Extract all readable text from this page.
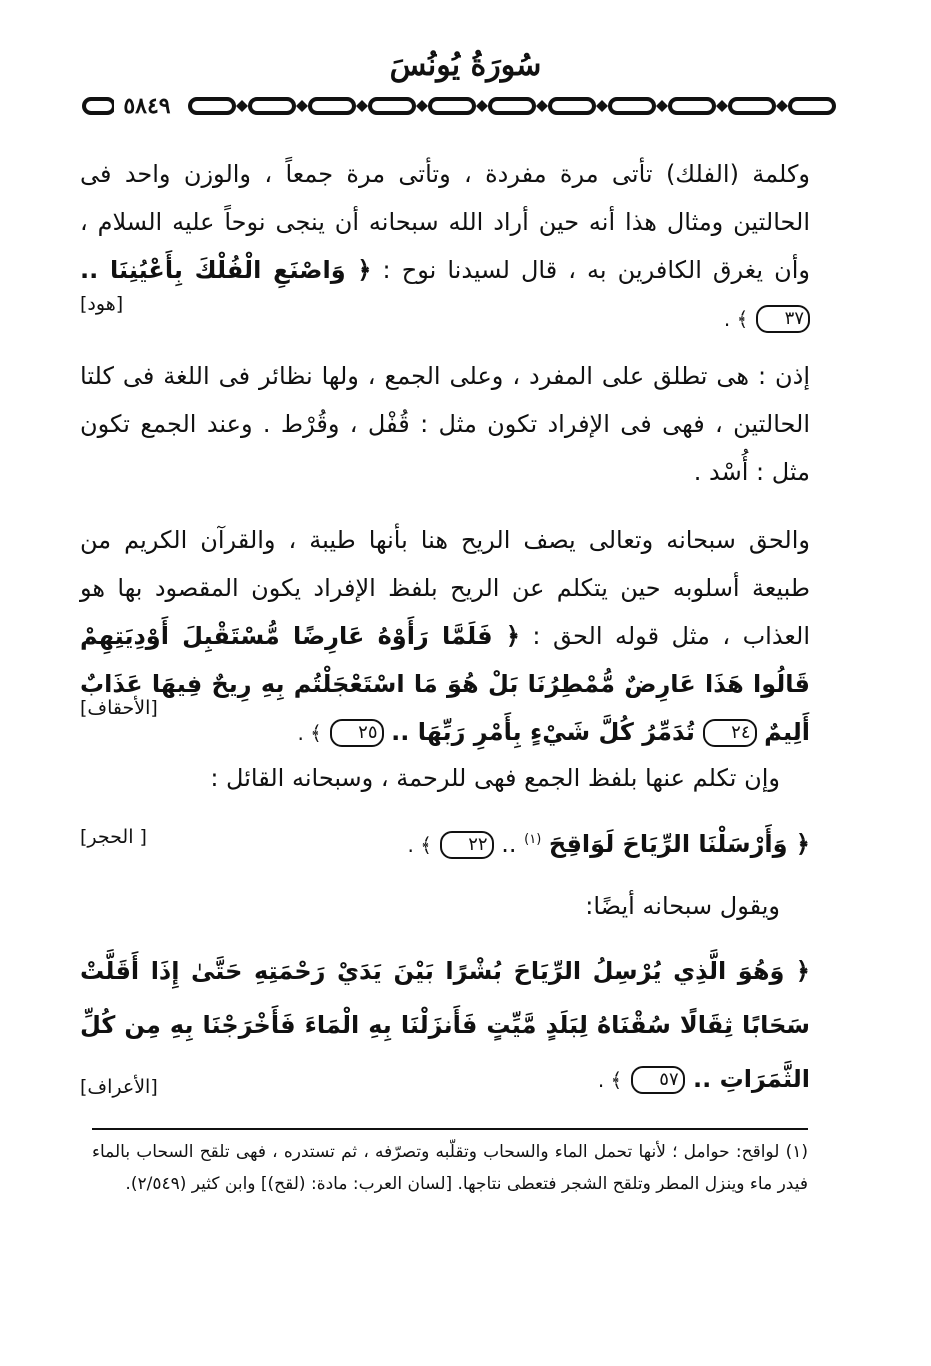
سُورَةُ يُونُسَ
٥٨٤٩

وكلمة (الفلك) تأتى مرة مفردة ، وتأتى مرة جمعاً ، والوزن واحد فى الحالتين ومثال هذا أنه حين أراد الله سبحانه أن ينجى نوحاً عليه السلام ، وأن يغرق الكافرين به ، قال لسيدنا نوح : ﴿ وَاصْنَعِ الْفُلْكَ بِأَعْيُنِنَا .. ٣٧ ﴾ .

[هود]

إذن : هى تطلق على المفرد ، وعلى الجمع ، ولها نظائر فى اللغة فى كلتا الحالتين ، فهى فى الإفراد تكون مثل : قُفْل ، وقُرْط . وعند الجمع تكون مثل : أُسْد .

والحق سبحانه وتعالى يصف الريح هنا بأنها طيبة ، والقرآن الكريم من طبيعة أسلوبه حين يتكلم عن الريح بلفظ الإفراد يكون المقصود بها هو العذاب ، مثل قوله الحق : ﴿ فَلَمَّا رَأَوْهُ عَارِضًا مُّسْتَقْبِلَ أَوْدِيَتِهِمْ قَالُوا هَذَا عَارِضٌ مُّمْطِرُنَا بَلْ هُوَ مَا اسْتَعْجَلْتُم بِهِ رِيحٌ فِيهَا عَذَابٌ أَلِيمٌ ٢٤ تُدَمِّرُ كُلَّ شَيْءٍ بِأَمْرِ رَبِّهَا .. ٢٥ ﴾ .

[الأحقاف]

وإن تكلم عنها بلفظ الجمع فهى للرحمة ، وسبحانه القائل :

﴿ وَأَرْسَلْنَا الرِّيَاحَ لَوَاقِحَ $^{(١)}$ .. ٢٢ ﴾ .

[ الحجر]

ويقول سبحانه أيضًا:

﴿ وَهُوَ الَّذِي يُرْسِلُ الرِّيَاحَ بُشْرًا بَيْنَ يَدَيْ رَحْمَتِهِ حَتَّىٰ إِذَا أَقَلَّتْ سَحَابًا ثِقَالًا سُقْنَاهُ لِبَلَدٍ مَّيِّتٍ فَأَنزَلْنَا بِهِ الْمَاءَ فَأَخْرَجْنَا بِهِ مِن كُلِّ الثَّمَرَاتِ .. ٥٧ ﴾ .

[الأعراف]

(١) لواقح: حوامل ؛ لأنها تحمل الماء والسحاب وتقلّبه وتصرّفه ، ثم تستدره ، فهى تلقح السحاب بالماء فيدر ماء وينزل المطر وتلقح الشجر فتعطى نتاجها. [لسان العرب: مادة: (لقح)] وابن كثير (٢/٥٤٩).
